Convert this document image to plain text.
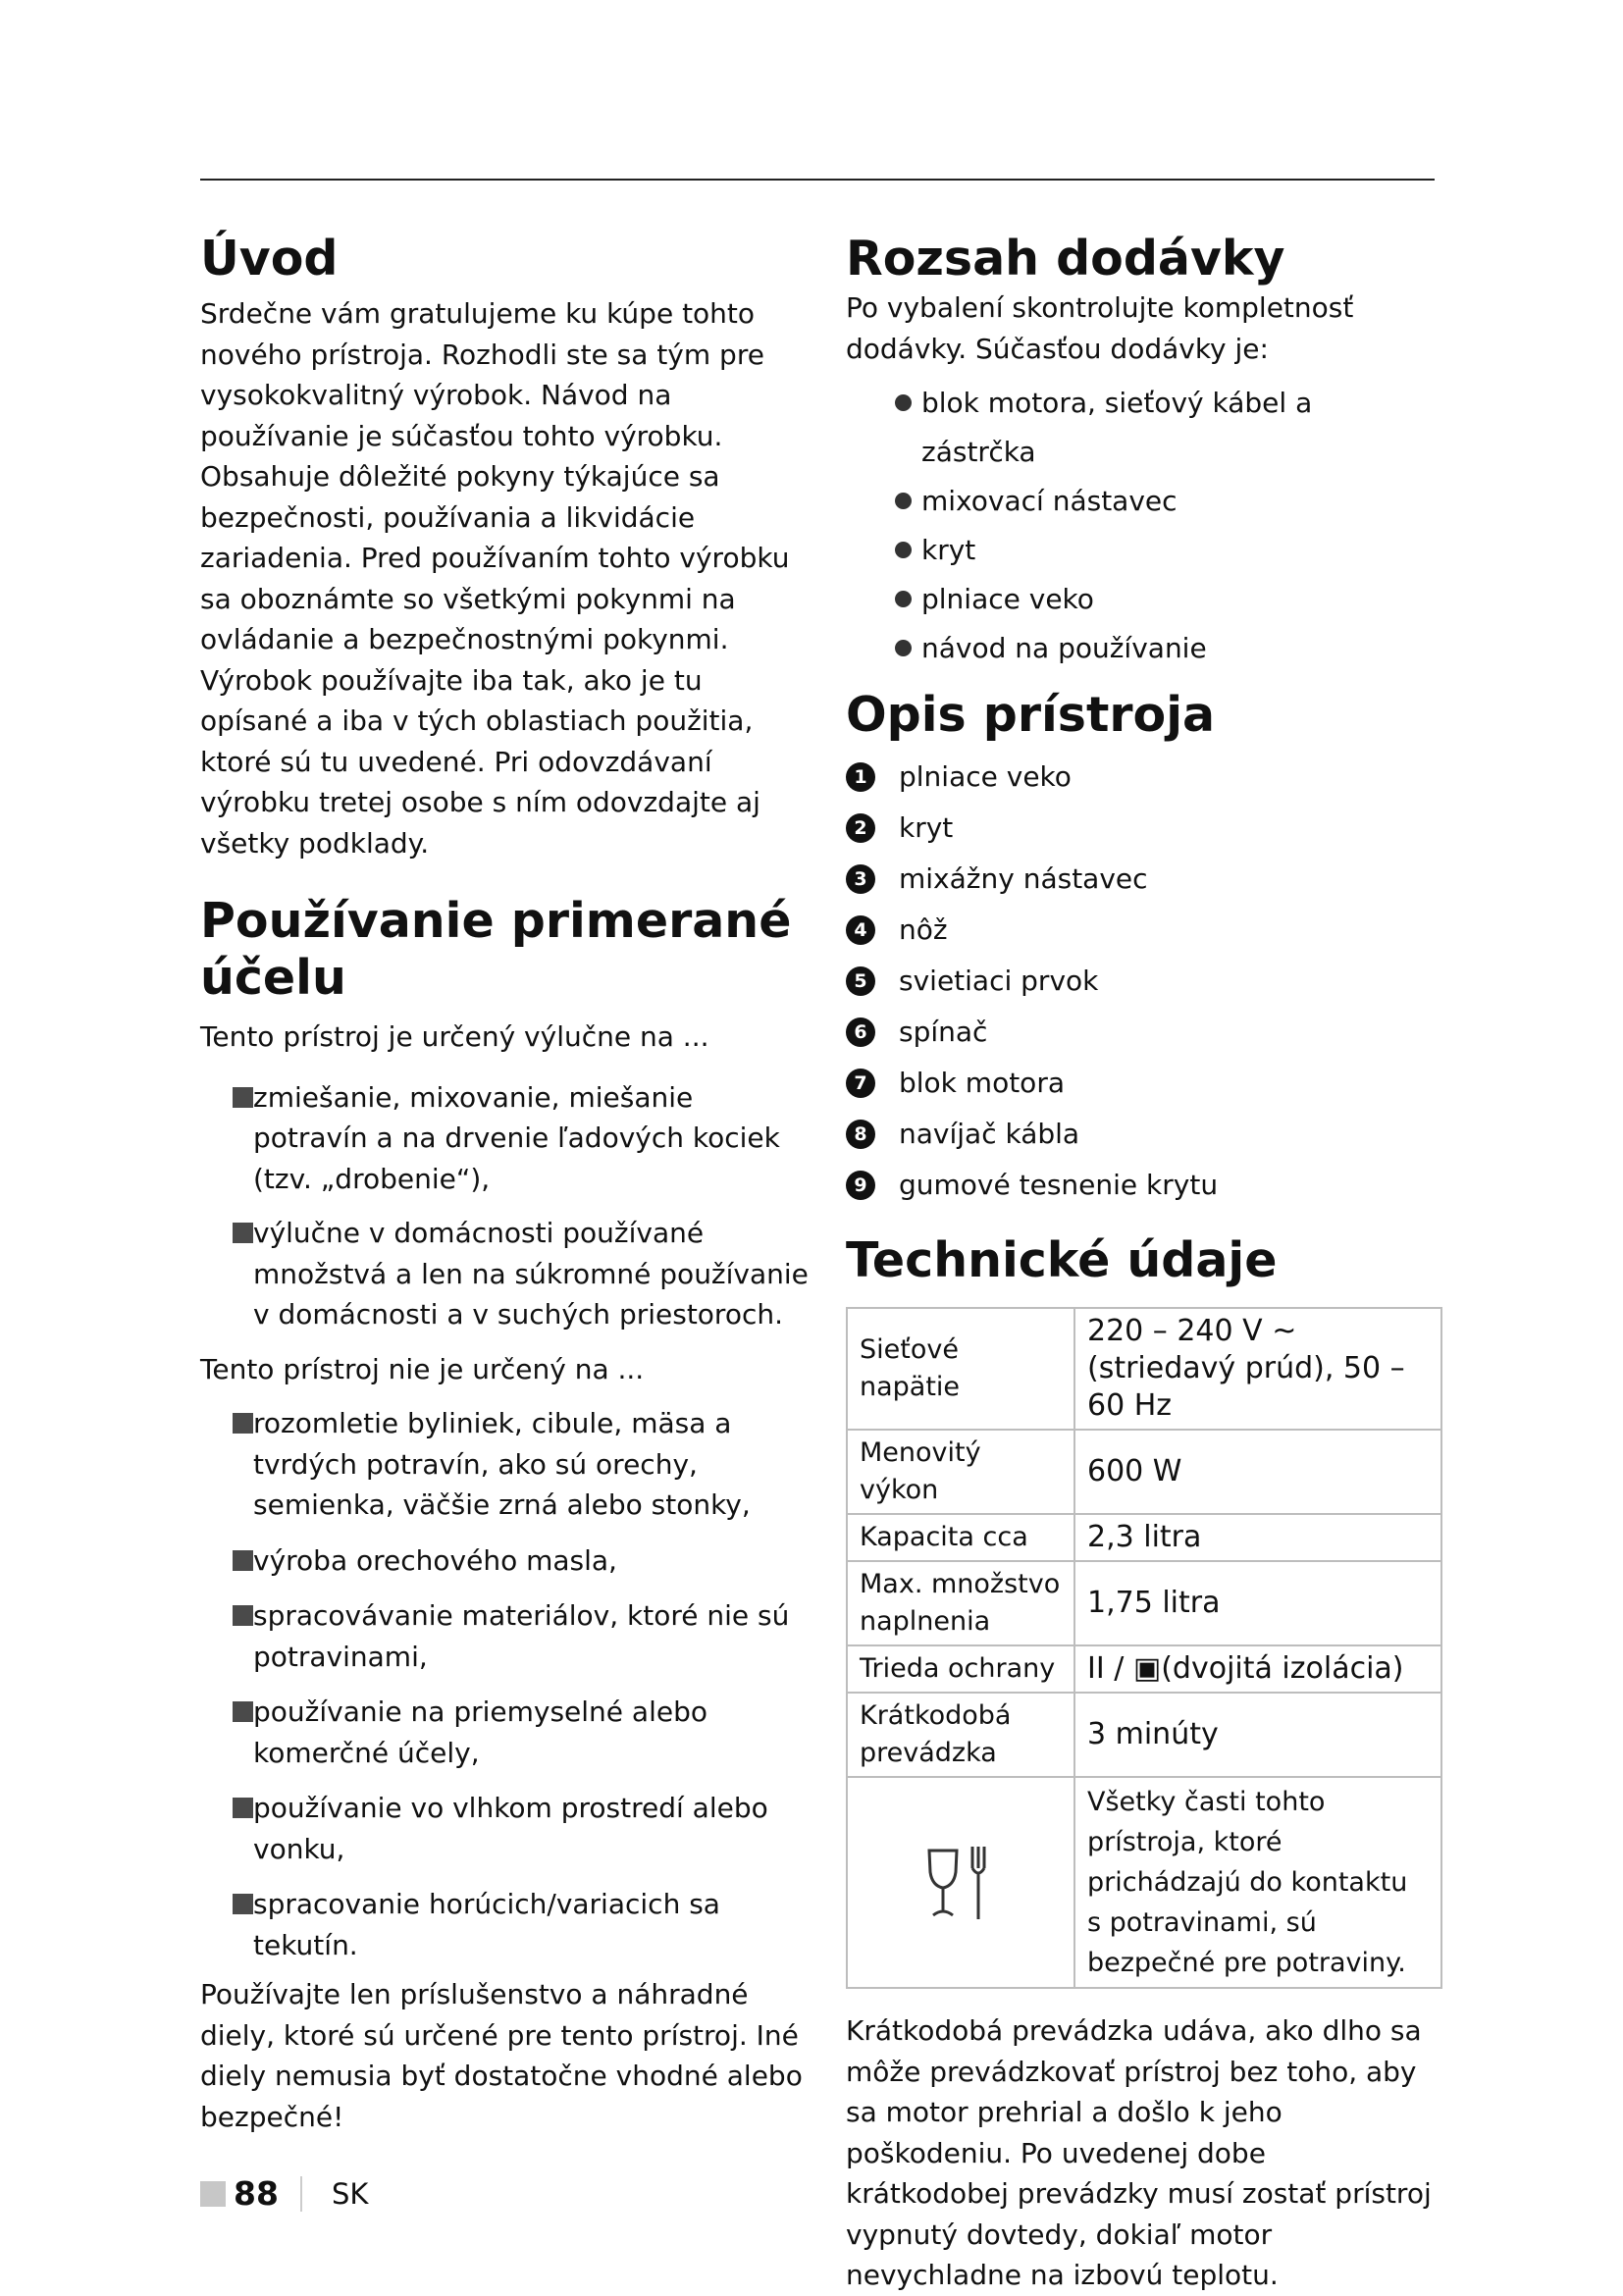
Úvod

Srdečne vám gratulujeme ku kúpe tohto nového prístroja. Rozhodli ste sa tým pre vysokokvalitný výrobok. Návod na používanie je súčasťou tohto výrobku. Obsahuje dôležité pokyny týkajúce sa bezpečnosti, používania a likvidácie zariadenia. Pred používaním tohto výrobku sa oboznámte so všetkými pokynmi na ovládanie a bezpečnostnými pokynmi. Výrobok používajte iba tak, ako je tu opísané a iba v tých oblastiach použitia, ktoré sú tu uvedené. Pri odovzdávaní výrobku tretej osobe s ním odovzdajte aj všetky podklady.

Používanie primerané účelu

Tento prístroj je určený výlučne na ...

zmiešanie, mixovanie, miešanie potravín a na drvenie ľadových kociek (tzv. „drobenie“),
výlučne v domácnosti používané množstvá a len na súkromné používanie v domácnosti a v suchých priestoroch.

Tento prístroj nie je určený na ...

rozomletie byliniek, cibule, mäsa a tvrdých potravín, ako sú orechy, semienka, väčšie zrná alebo stonky,
výroba orechového masla,
spracovávanie materiálov, ktoré nie sú potravinami,
používanie na priemyselné alebo komerčné účely,
používanie vo vlhkom prostredí alebo vonku,
spracovanie horúcich/variacich sa tekutín.

Používajte len príslušenstvo a náhradné diely, ktoré sú určené pre tento prístroj. Iné diely nemusia byť dostatočne vhodné alebo bezpečné!

Rozsah dodávky

Po vybalení skontrolujte kompletnosť dodávky. Súčasťou dodávky je:

blok motora, sieťový kábel a zástrčka
mixovací nástavec
kryt
plniace veko
návod na používanie
Opis prístroja
1 plniace veko
2 kryt
3 mixážny nástavec
4 nôž
5 svietiaci prvok
6 spínač
7 blok motora
8 navíjač kábla
9 gumové tesnenie krytu
Technické údaje
Sieťové napätie	220 – 240 V ~ (striedavý prúd), 50 – 60 Hz
Menovitý výkon	600 W
Kapacita cca	2,3 litra
Max. množstvo naplnenia	1,75 litra
Trieda ochrany	II / ▣(dvojitá izolácia)
Krátkodobá prevádzka	3 minúty

	Všetky časti tohto prístroja, ktoré prichádzajú do kontaktu s potravinami, sú bezpečné pre potraviny.

Krátkodobá prevádzka udáva, ako dlho sa môže prevádzkovať prístroj bez toho, aby sa motor prehrial a došlo k jeho poškodeniu. Po uvedenej dobe krátkodobej prevádzky musí zostať prístroj vypnutý dovtedy, dokiaľ motor nevychladne na izbovú teplotu.

88 SK
